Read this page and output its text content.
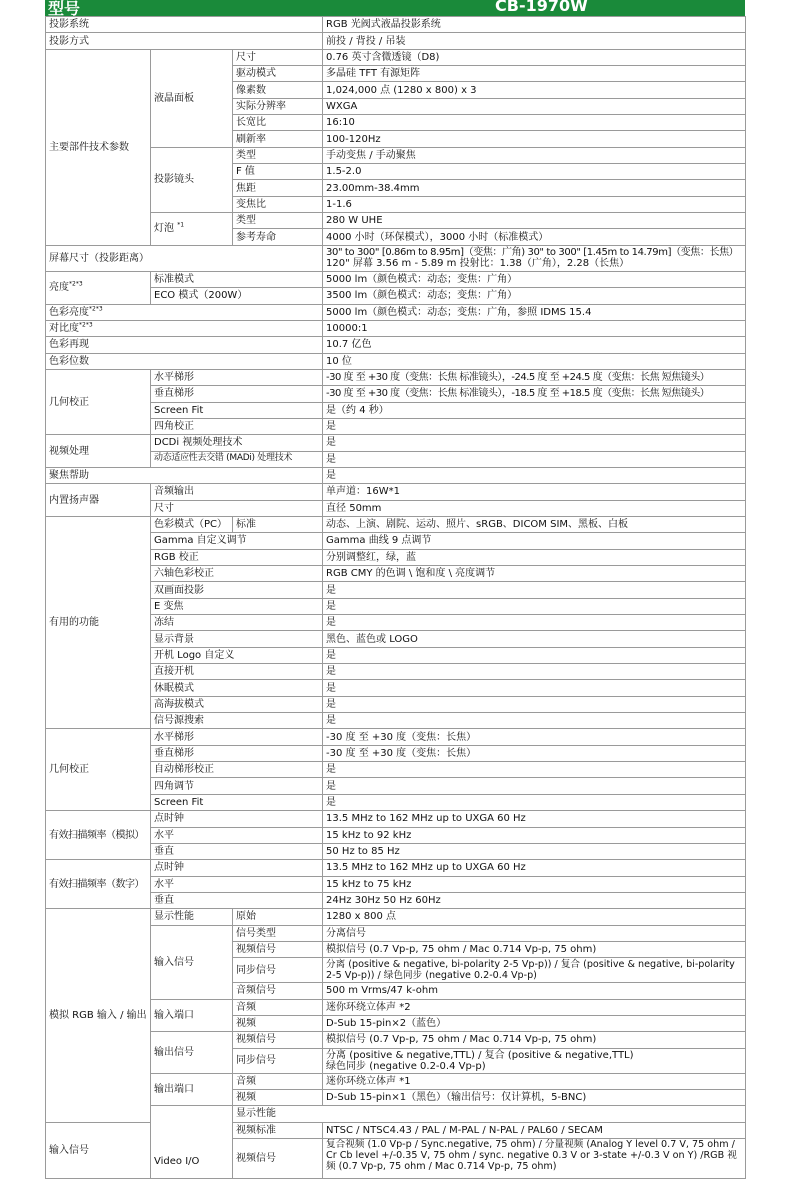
型号	CB-1970W
投影系统			RGB 光阀式液晶投影系统	
投影方式			前投 / 背投 / 吊装	
主要部件技术参数	液晶面板	尺寸	0.76 英寸含微透镜（D8)	
		驱动模式	多晶硅 TFT 有源矩阵	
		像素数	1,024,000 点 (1280 x 800) x 3	
		实际分辨率	WXGA	
		长宽比	16:10	
		刷新率	100-120Hz	
	投影镜头	类型	手动变焦 / 手动聚焦	
		F 值	1.5-2.0	
		焦距	23.00mm-38.4mm	
		变焦比	1-1.6	
	灯泡 $^{*1}$	类型	280 W UHE	
		参考寿命	4000 小时（环保模式），3000 小时（标准模式）	
屏幕尺寸（投影距离）			30" to 300" [0.86m to 8.95m]（变焦：广角) 30" to 300" [1.45m to 14.79m]（变焦：长焦）
120" 屏幕 3.56 m - 5.89 m 投射比：1.38（广角），2.28（长焦）	

亮度$^{*2*3}$	标准模式		5000 lm（颜色模式：动态；变焦：广角）	
	ECO 模式（200W）		3500 lm（颜色模式：动态；变焦：广角）	
色彩亮度$^{*2*3}$			5000 lm（颜色模式：动态；变焦：广角，参照 IDMS 15.4	
对比度$^{*2*3}$			10000:1	
色彩再现			10.7 亿色	
色彩位数			10 位	
几何校正	水平梯形		-30 度 至 +30 度（变焦：长焦 标准镜头），-24.5 度 至 +24.5 度（变焦：长焦 短焦镜头）	
	垂直梯形		-30 度 至 +30 度（变焦：长焦 标准镜头），-18.5 度 至 +18.5 度（变焦：长焦 短焦镜头）	
	Screen Fit		是（约 4 秒）	
	四角校正		是	
视频处理	DCDi 视频处理技术		是	
	动态适应性去交错 (MADi) 处理技术		是	
聚焦帮助			是	
内置扬声器	音频输出		单声道：16W*1	
	尺寸		直径 50mm	
有用的功能	色彩模式（PC）	标准	动态、上演、剧院、运动、照片、sRGB、DICOM SIM、黑板、白板	
	Gamma 自定义调节		Gamma 曲线 9 点调节	
	RGB 校正		分别调整红，绿，蓝	
	六轴色彩校正		RGB CMY 的色调 \ 饱和度 \ 亮度调节	
	双画面投影		是	
	E 变焦		是	
	冻结		是	
	显示背景		黑色、蓝色或 LOGO	
	开机 Logo 自定义		是	
	直接开机		是	
	休眠模式		是	
	高海拔模式		是	
	信号源搜索		是	
几何校正	水平梯形		-30 度 至 +30 度（变焦：长焦）	
	垂直梯形		-30 度 至 +30 度（变焦：长焦）	
	自动梯形校正		是	
	四角调节		是	
	Screen Fit		是	
有效扫描频率（模拟）	点时钟		13.5 MHz to 162 MHz up to UXGA 60 Hz	
	水平		15 kHz to 92 kHz	
	垂直		50 Hz to 85 Hz	
有效扫描频率（数字）	点时钟		13.5 MHz to 162 MHz up to UXGA 60 Hz	
	水平		15 kHz to 75 kHz	
	垂直		24Hz 30Hz 50 Hz 60Hz	
模拟 RGB 输入 / 输出	显示性能	原始	1280 x 800 点	
	输入信号	信号类型	分离信号	
		视频信号	模拟信号 (0.7 Vp-p, 75 ohm / Mac 0.714 Vp-p, 75 ohm)	
		同步信号	分离 (positive & negative, bi-polarity 2-5 Vp-p)) / 复合 (positive & negative, bi-polarity 2-5 Vp-p)) / 绿色同步 (negative 0.2-0.4 Vp-p)	
		音频信号	500 m Vrms/47 k-ohm	
	输入端口	音频	迷你环绕立体声 *2	
		视频	D-Sub 15-pin×2（蓝色）	
	输出信号	视频信号	模拟信号 (0.7 Vp-p, 75 ohm / Mac 0.714 Vp-p, 75 ohm)	
		同步信号	分离 (positive & negative,TTL) / 复合 (positive & negative,TTL)
绿色同步 (negative 0.2-0.4 Vp-p)	

	输出端口	音频	迷你环绕立体声 *1	
		视频	D-Sub 15-pin×1（黑色）（输出信号：仅计算机，5-BNC)	
	Video I/O	显示性能	
输入信号		视频标准	NTSC / NTSC4.43 / PAL / M-PAL / N-PAL / PAL60 / SECAM	
		视频信号	复合视频 (1.0 Vp-p / Sync.negative, 75 ohm) / 分量视频 (Analog Y level 0.7 V, 75 ohm / Cr Cb level +/-0.35 V, 75 ohm / sync. negative 0.3 V or 3-state +/-0.3 V on Y) /RGB 视频 (0.7 Vp-p, 75 ohm / Mac 0.714 Vp-p, 75 ohm)	
